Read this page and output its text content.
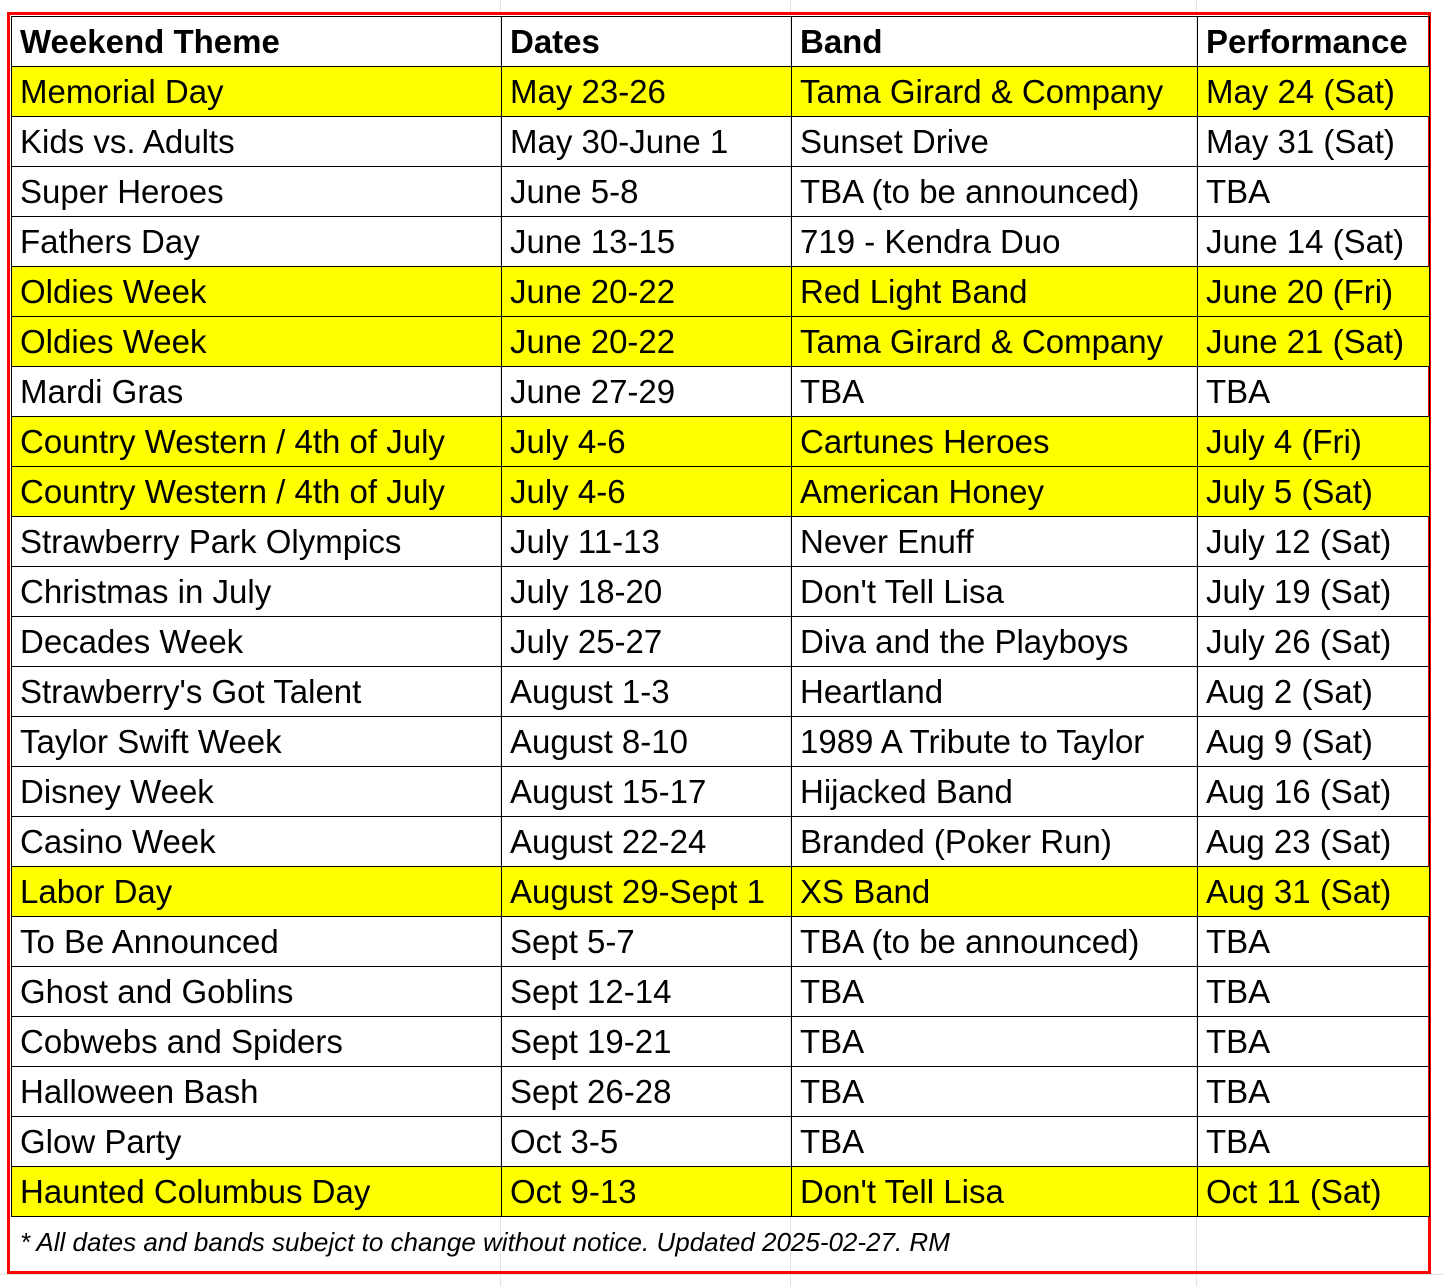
Weekend Theme	Dates	Band	Performance
Memorial Day	May 23-26	Tama Girard & Company	May 24 (Sat)
Kids vs. Adults	May 30-June 1	Sunset Drive	May 31 (Sat)
Super Heroes	June 5-8	TBA (to be announced)	TBA
Fathers Day	June 13-15	719 - Kendra Duo	June 14 (Sat)
Oldies Week	June 20-22	Red Light Band	June 20 (Fri)
Oldies Week	June 20-22	Tama Girard & Company	June 21 (Sat)
Mardi Gras	June 27-29	TBA	TBA
Country Western / 4th of July	July 4-6	Cartunes Heroes	July 4 (Fri)
Country Western / 4th of July	July 4-6	American Honey	July 5 (Sat)
Strawberry Park Olympics	July 11-13	Never Enuff	July 12 (Sat)
Christmas in July	July 18-20	Don't Tell Lisa	July 19 (Sat)
Decades Week	July 25-27	Diva and the Playboys	July 26 (Sat)
Strawberry's Got Talent	August 1-3	Heartland	Aug 2 (Sat)
Taylor Swift Week	August 8-10	1989 A Tribute to Taylor	Aug 9 (Sat)
Disney Week	August 15-17	Hijacked Band	Aug 16 (Sat)
Casino Week	August 22-24	Branded (Poker Run)	Aug 23 (Sat)
Labor Day	August 29-Sept 1	XS Band	Aug 31 (Sat)
To Be Announced	Sept 5-7	TBA (to be announced)	TBA
Ghost and Goblins	Sept 12-14	TBA	TBA
Cobwebs and Spiders	Sept 19-21	TBA	TBA
Halloween Bash	Sept 26-28	TBA	TBA
Glow Party	Oct 3-5	TBA	TBA
Haunted Columbus Day	Oct 9-13	Don't Tell Lisa	Oct 11 (Sat)
* All dates and bands subejct to change without notice. Updated 2025-02-27. RM
